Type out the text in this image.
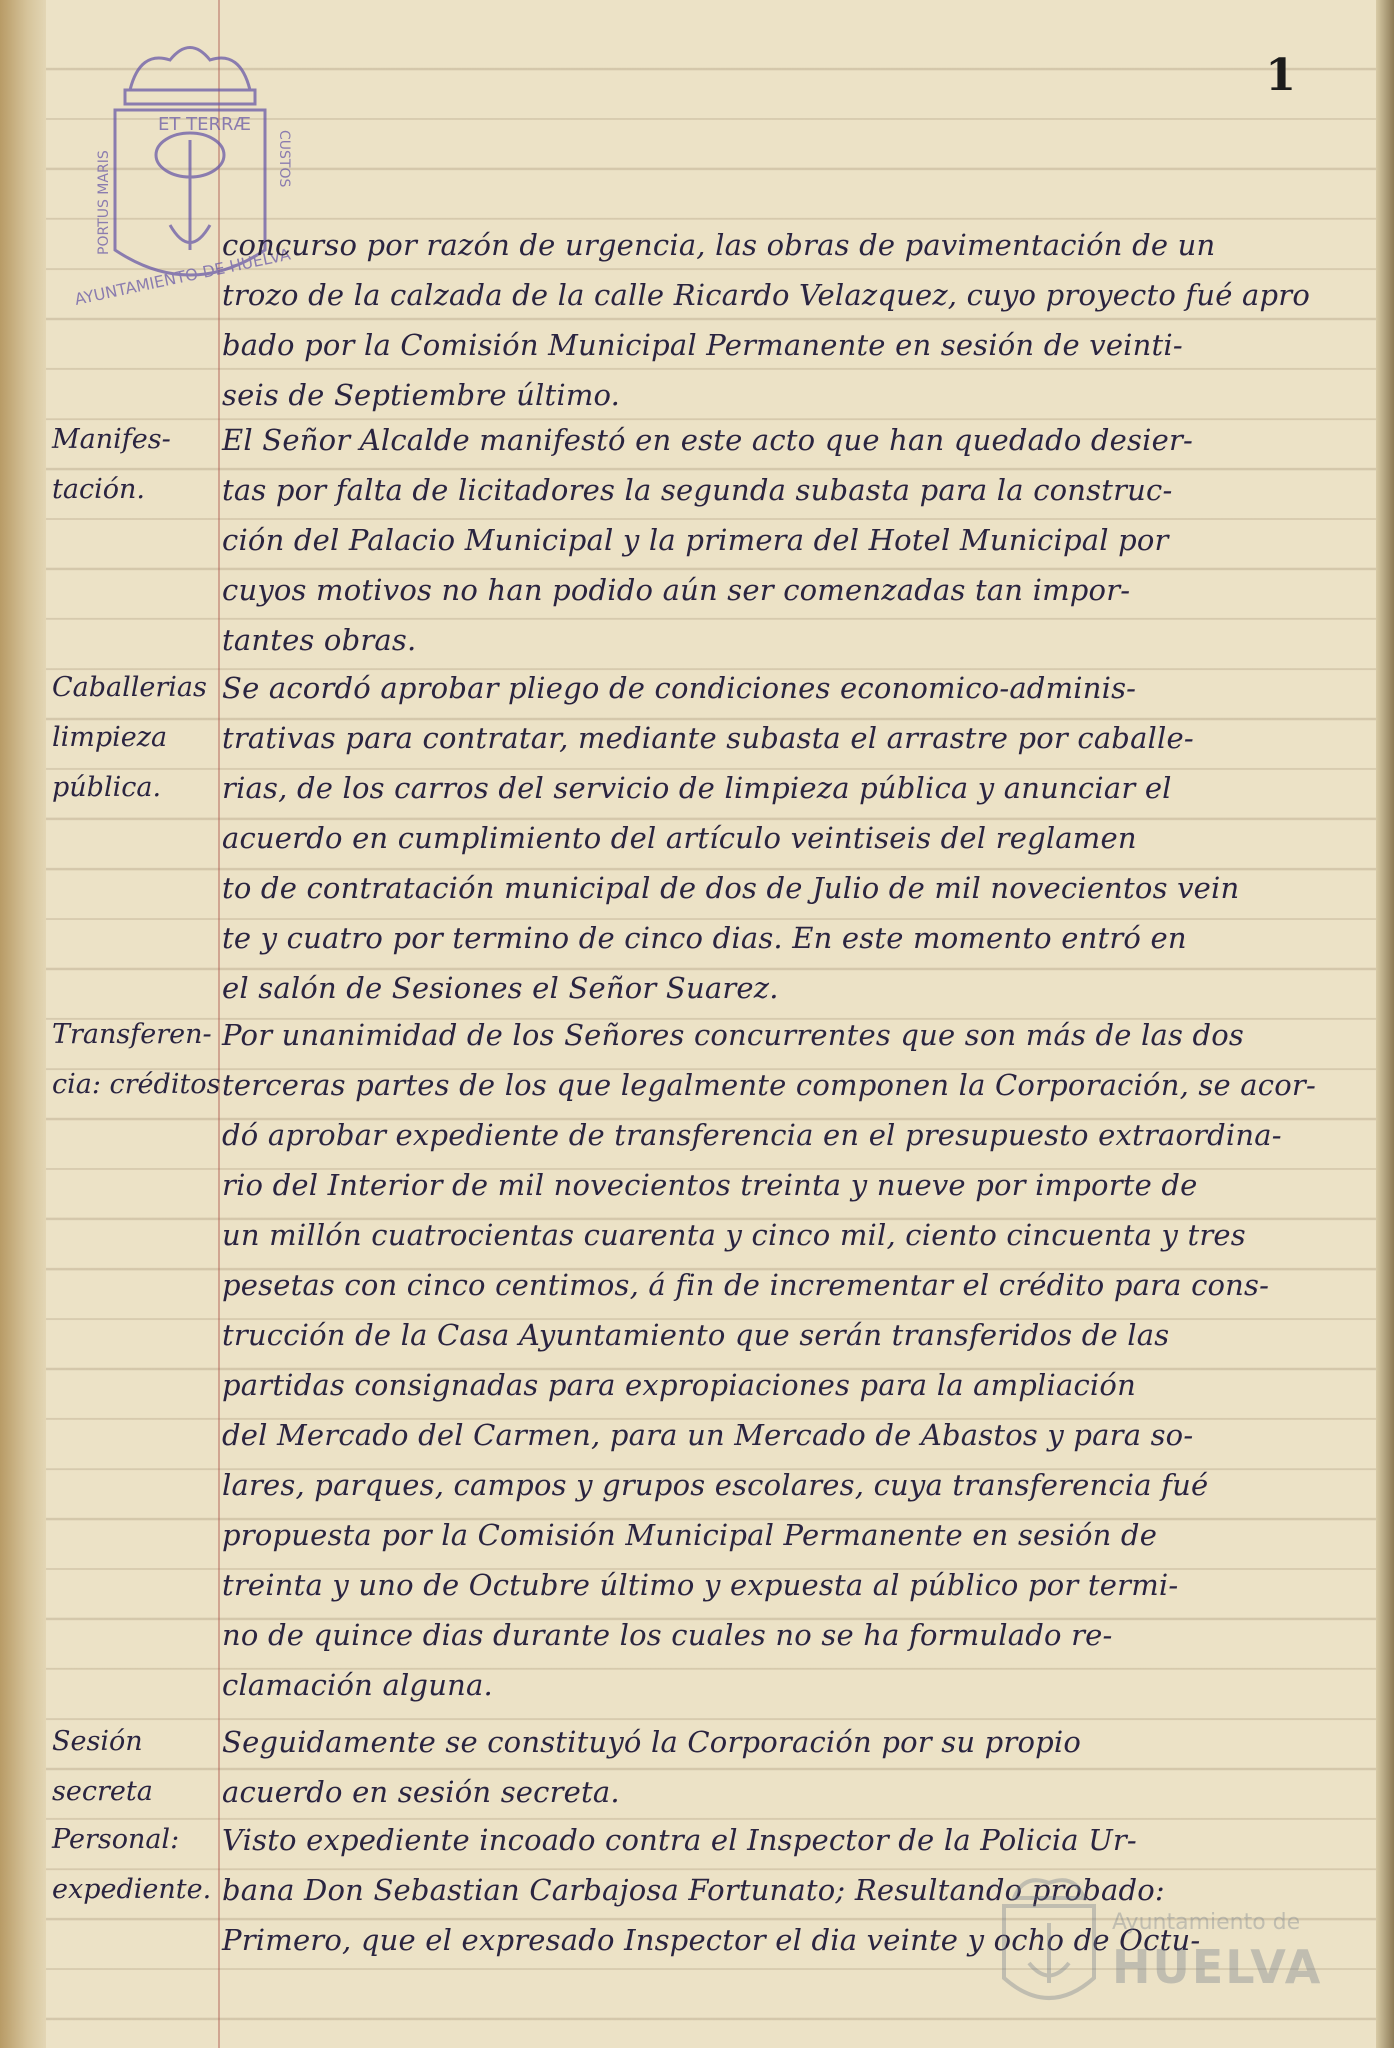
1
ET TERRÆ
PORTUS MARIS	CUSTOS
AYUNTAMIENTO DE HUELVA
concurso por razón de urgencia, las obras de pavimentación de un
trozo de la calzada de la calle Ricardo Velazquez, cuyo proyecto fué apro
bado por la Comisión Municipal Permanente en sesión de veinti-
seis de Septiembre último.
Manifes-
tación.
El Señor Alcalde manifestó en este acto que han quedado desier-
tas por falta de licitadores la segunda subasta para la construc-
ción del Palacio Municipal y la primera del Hotel Municipal por
cuyos motivos no han podido aún ser comenzadas tan impor-
tantes obras.
Caballerias
limpieza
pública.
Se acordó aprobar pliego de condiciones economico-adminis-
trativas para contratar, mediante subasta el arrastre por caballe-
rias, de los carros del servicio de limpieza pública y anunciar el
acuerdo en cumplimiento del artículo veintiseis del reglamen
to de contratación municipal de dos de Julio de mil novecientos vein
te y cuatro por termino de cinco dias. En este momento entró en
el salón de Sesiones el Señor Suarez.
Transferen-
cia: créditos
Por unanimidad de los Señores concurrentes que son más de las dos
terceras partes de los que legalmente componen la Corporación, se acor-
dó aprobar expediente de transferencia en el presupuesto extraordina-
rio del Interior de mil novecientos treinta y nueve por importe de
un millón cuatrocientas cuarenta y cinco mil, ciento cincuenta y tres
pesetas con cinco centimos, á fin de incrementar el crédito para cons-
trucción de la Casa Ayuntamiento que serán transferidos de las
partidas consignadas para expropiaciones para la ampliación
del Mercado del Carmen, para un Mercado de Abastos y para so-
lares, parques, campos y grupos escolares, cuya transferencia fué
propuesta por la Comisión Municipal Permanente en sesión de
treinta y uno de Octubre último y expuesta al público por termi-
no de quince dias durante los cuales no se ha formulado re-
clamación alguna.
Sesión
secreta
Seguidamente se constituyó la Corporación por su propio
acuerdo en sesión secreta.
Personal:
expediente.
Visto expediente incoado contra el Inspector de la Policia Ur-
bana Don Sebastian Carbajosa Fortunato; Resultando probado:
Primero, que el expresado Inspector el dia veinte y ocho de Octu-
Ayuntamiento de
HUELVA
